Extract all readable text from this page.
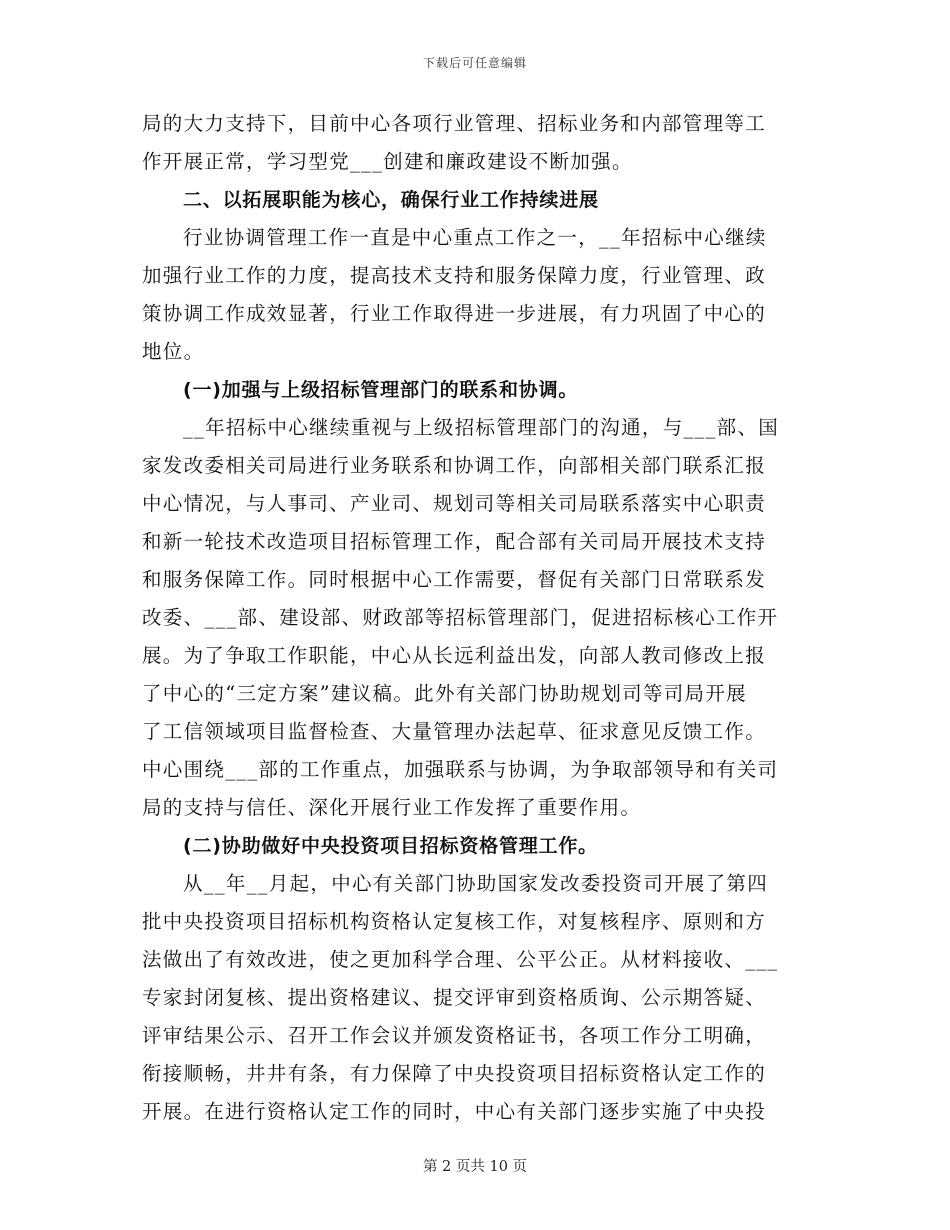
下载后可任意编辑
局的大力支持下，目前中心各项行业管理、招标业务和内部管理等工
作开展正常，学习型党___创建和廉政建设不断加强。
二、以拓展职能为核心，确保行业工作持续进展
行业协调管理工作一直是中心重点工作之一，__年招标中心继续
加强行业工作的力度，提高技术支持和服务保障力度，行业管理、政
策协调工作成效显著，行业工作取得进一步进展，有力巩固了中心的
地位。
(一)加强与上级招标管理部门的联系和协调。
__年招标中心继续重视与上级招标管理部门的沟通，与___部、国
家发改委相关司局进行业务联系和协调工作，向部相关部门联系汇报
中心情况，与人事司、产业司、规划司等相关司局联系落实中心职责
和新一轮技术改造项目招标管理工作，配合部有关司局开展技术支持
和服务保障工作。同时根据中心工作需要，督促有关部门日常联系发
改委、___部、建设部、财政部等招标管理部门，促进招标核心工作开
展。为了争取工作职能，中心从长远利益出发，向部人教司修改上报
了中心的“三定方案”建议稿。此外有关部门协助规划司等司局开展
了工信领域项目监督检查、大量管理办法起草、征求意见反馈工作。
中心围绕___部的工作重点，加强联系与协调，为争取部领导和有关司
局的支持与信任、深化开展行业工作发挥了重要作用。
(二)协助做好中央投资项目招标资格管理工作。
从__年__月起，中心有关部门协助国家发改委投资司开展了第四
批中央投资项目招标机构资格认定复核工作，对复核程序、原则和方
法做出了有效改进，使之更加科学合理、公平公正。从材料接收、___
专家封闭复核、提出资格建议、提交评审到资格质询、公示期答疑、
评审结果公示、召开工作会议并颁发资格证书，各项工作分工明确，
衔接顺畅，井井有条，有力保障了中央投资项目招标资格认定工作的
开展。在进行资格认定工作的同时，中心有关部门逐步实施了中央投
第 2 页共 10 页
